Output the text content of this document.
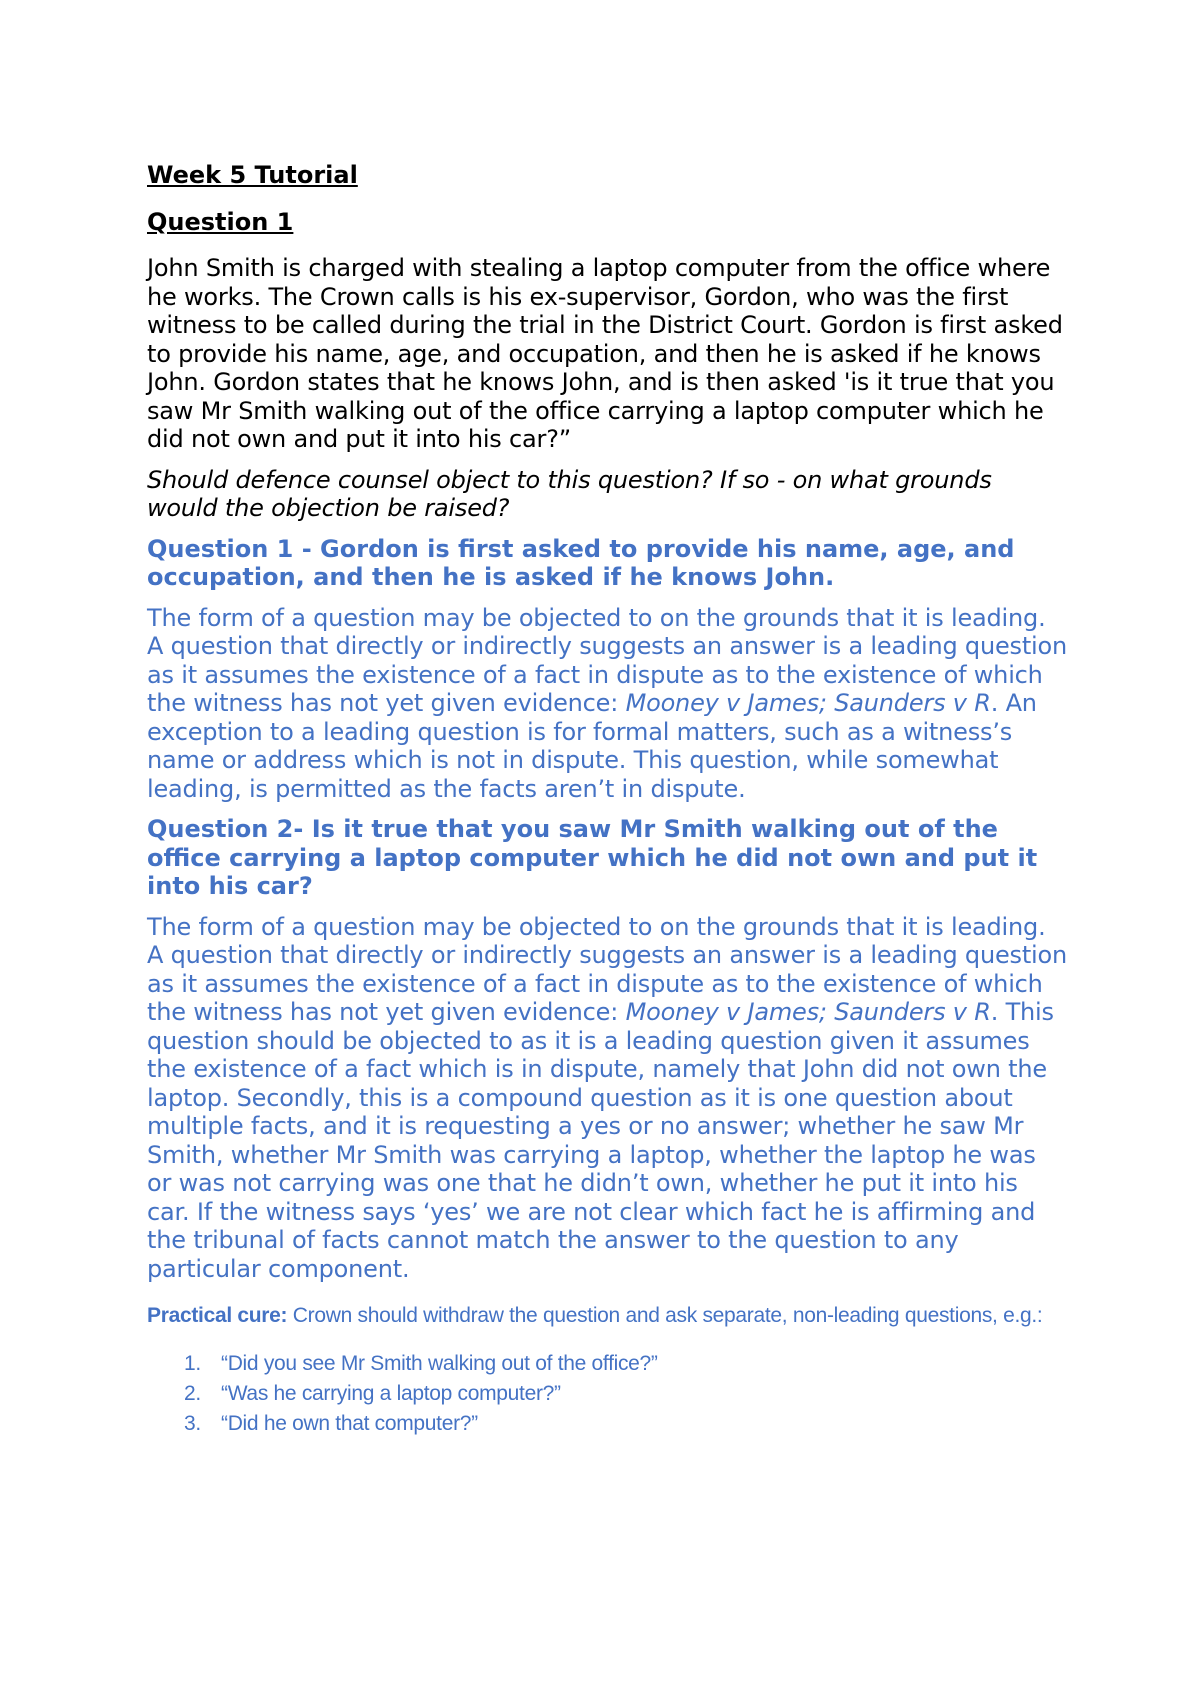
Week 5 Tutorial
Question 1

John Smith is charged with stealing a laptop computer from the office where he works. The Crown calls is his ex-supervisor, Gordon, who was the first witness to be called during the trial in the District Court. Gordon is first asked to provide his name, age, and occupation, and then he is asked if he knows John. Gordon states that he knows John, and is then asked 'is it true that you saw Mr Smith walking out of the office carrying a laptop computer which he did not own and put it into his car?”

Should defence counsel object to this question? If so - on what grounds would the objection be raised?

Question 1 - Gordon is first asked to provide his name, age, and occupation, and then he is asked if he knows John.

The form of a question may be objected to on the grounds that it is leading. A question that directly or indirectly suggests an answer is a leading question as it assumes the existence of a fact in dispute as to the existence of which the witness has not yet given evidence: Mooney v James; Saunders v R. An exception to a leading question is for formal matters, such as a witness’s name or address which is not in dispute. This question, while somewhat leading, is permitted as the facts aren’t in dispute.

Question 2- Is it true that you saw Mr Smith walking out of the office carrying a laptop computer which he did not own and put it into his car?

The form of a question may be objected to on the grounds that it is leading. A question that directly or indirectly suggests an answer is a leading question as it assumes the existence of a fact in dispute as to the existence of which the witness has not yet given evidence: Mooney v James; Saunders v R. This question should be objected to as it is a leading question given it assumes the existence of a fact which is in dispute, namely that John did not own the laptop. Secondly, this is a compound question as it is one question about multiple facts, and it is requesting a yes or no answer; whether he saw Mr Smith, whether Mr Smith was carrying a laptop, whether the laptop he was or was not carrying was one that he didn’t own, whether he put it into his car. If the witness says ‘yes’ we are not clear which fact he is affirming and the tribunal of facts cannot match the answer to the question to any particular component.

Practical cure: Crown should withdraw the question and ask separate, non-leading questions, e.g.:

1. “Did you see Mr Smith walking out of the office?”
2. “Was he carrying a laptop computer?”
3. “Did he own that computer?”
